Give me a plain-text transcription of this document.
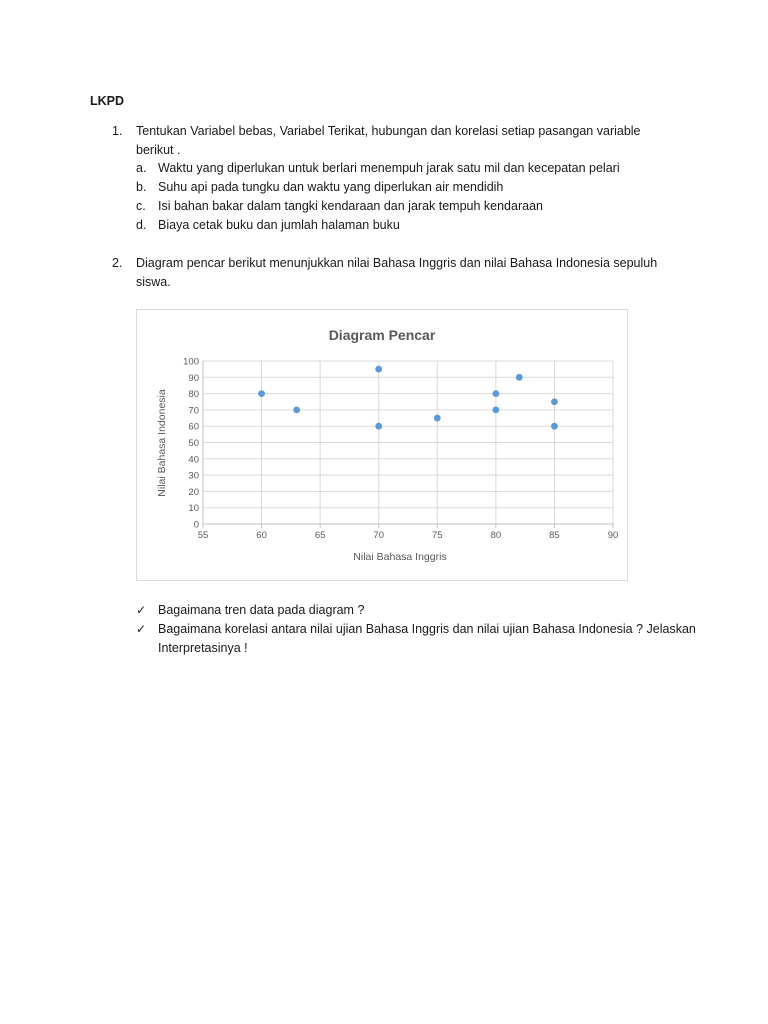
LKPD
1. Tentukan Variabel bebas, Variabel Terikat, hubungan dan korelasi setiap pasangan variable berikut .
a. Waktu yang diperlukan untuk berlari menempuh jarak satu mil dan kecepatan pelari
b. Suhu api pada tungku dan waktu yang diperlukan air mendidih
c. Isi bahan bakar dalam tangki kendaraan dan jarak tempuh kendaraan
d. Biaya cetak buku dan jumlah halaman buku
2. Diagram pencar berikut menunjukkan nilai Bahasa Inggris dan nilai Bahasa Indonesia sepuluh siswa.
0
10
20
30
40
50
60
70
80
90
100
55	60	65	70	75	80	85	90
Diagram Pencar
Nilai Bahasa Inggris
Nilai Bahasa Indonesia
✓ Bagaimana tren data pada diagram ?
✓ Bagaimana korelasi antara nilai ujian Bahasa Inggris dan nilai ujian Bahasa Indonesia ? Jelaskan Interpretasinya !
